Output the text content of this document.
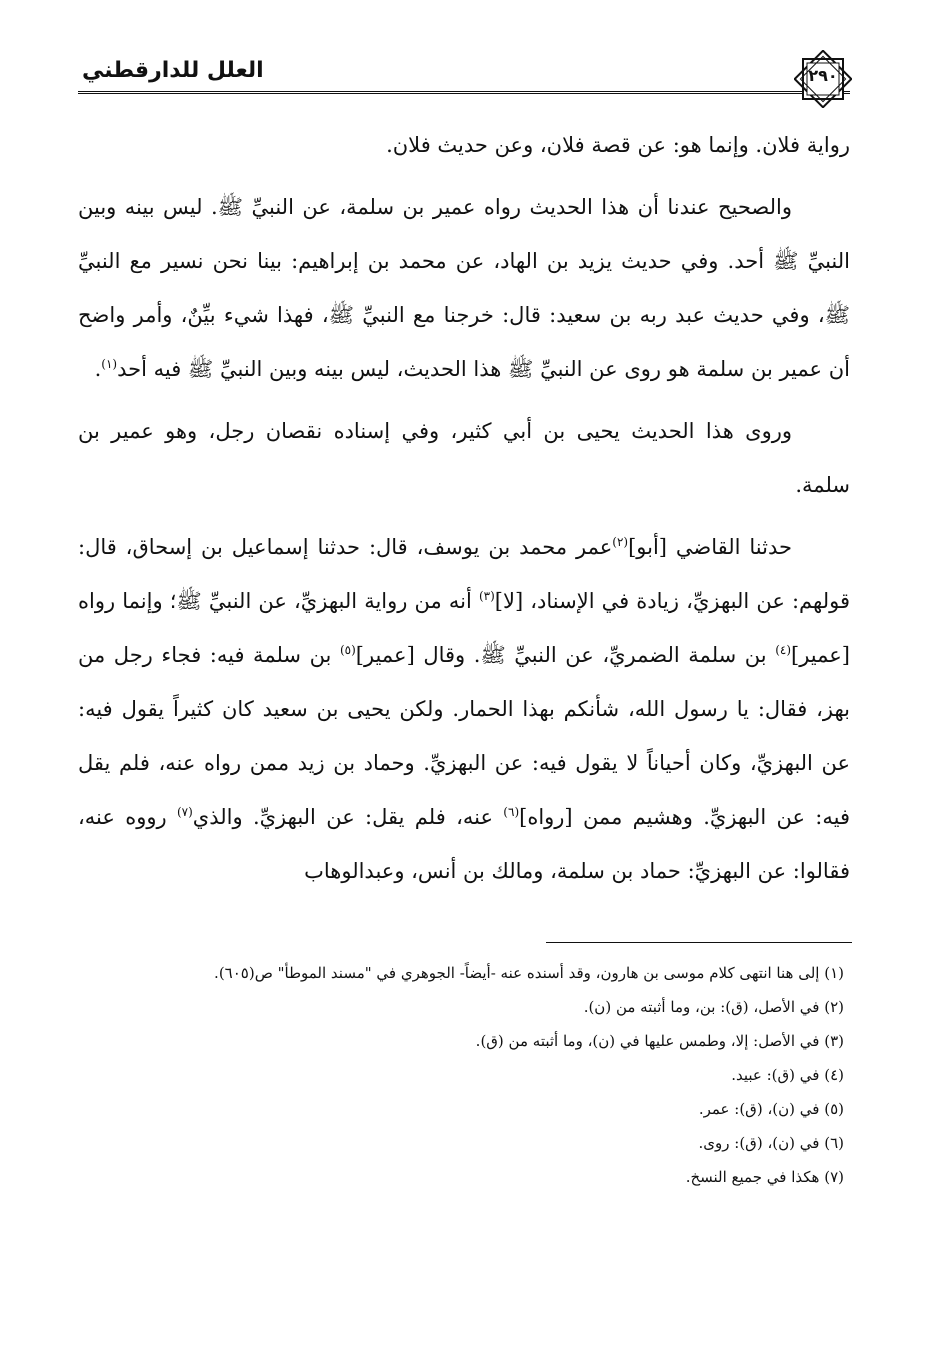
العلل للدارقطني	٢٩٠

رواية فلان. وإنما هو: عن قصة فلان، وعن حديث فلان.

والصحيح عندنا أن هذا الحديث رواه عمير بن سلمة، عن النبيِّ ﷺ. ليس بينه وبين النبيِّ ﷺ أحد. وفي حديث يزيد بن الهاد، عن محمد بن إبراهيم: بينا نحن نسير مع النبيِّ ﷺ، وفي حديث عبد ربه بن سعيد: قال: خرجنا مع النبيِّ ﷺ، فهذا شيء بيِّنٌ، وأمر واضح أن عمير بن سلمة هو روى عن النبيِّ ﷺ هذا الحديث، ليس بينه وبين النبيِّ ﷺ فيه أحد$^{(١)}$.

وروى هذا الحديث يحيى بن أبي كثير، وفي إسناده نقصان رجل، وهو عمير بن سلمة.

حدثنا القاضي [أبو]$^{(٢)}$عمر محمد بن يوسف، قال: حدثنا إسماعيل بن إسحاق، قال: قولهم: عن البهزيِّ، زيادة في الإسناد، [لا]$^{(٣)}$ أنه من رواية البهزيِّ، عن النبيِّ ﷺ؛ وإنما رواه [عمير]$^{(٤)}$ بن سلمة الضمريِّ، عن النبيِّ ﷺ. وقال [عمير]$^{(٥)}$ بن سلمة فيه: فجاء رجل من بهز، فقال: يا رسول الله، شأنكم بهذا الحمار. ولكن يحيى بن سعيد كان كثيراً يقول فيه: عن البهزيِّ، وكان أحياناً لا يقول فيه: عن البهزيِّ. وحماد بن زيد ممن رواه عنه، فلم يقل فيه: عن البهزيِّ. وهشيم ممن [رواه]$^{(٦)}$ عنه، فلم يقل: عن البهزيِّ. والذي$^{(٧)}$ رووه عنه، فقالوا: عن البهزيِّ: حماد بن سلمة، ومالك بن أنس، وعبدالوهاب

(١) إلى هنا انتهى كلام موسى بن هارون، وقد أسنده عنه -أيضاً- الجوهري في "مسند الموطأ" ص(٦٠٥).
(٢) في الأصل، (ق): بن، وما أثبته من (ن).
(٣) في الأصل: إلا، وطمس عليها في (ن)، وما أثبته من (ق).
(٤) في (ق): عبيد.
(٥) في (ن)، (ق): عمر.
(٦) في (ن)، (ق): روى.
(٧) هكذا في جميع النسخ.
